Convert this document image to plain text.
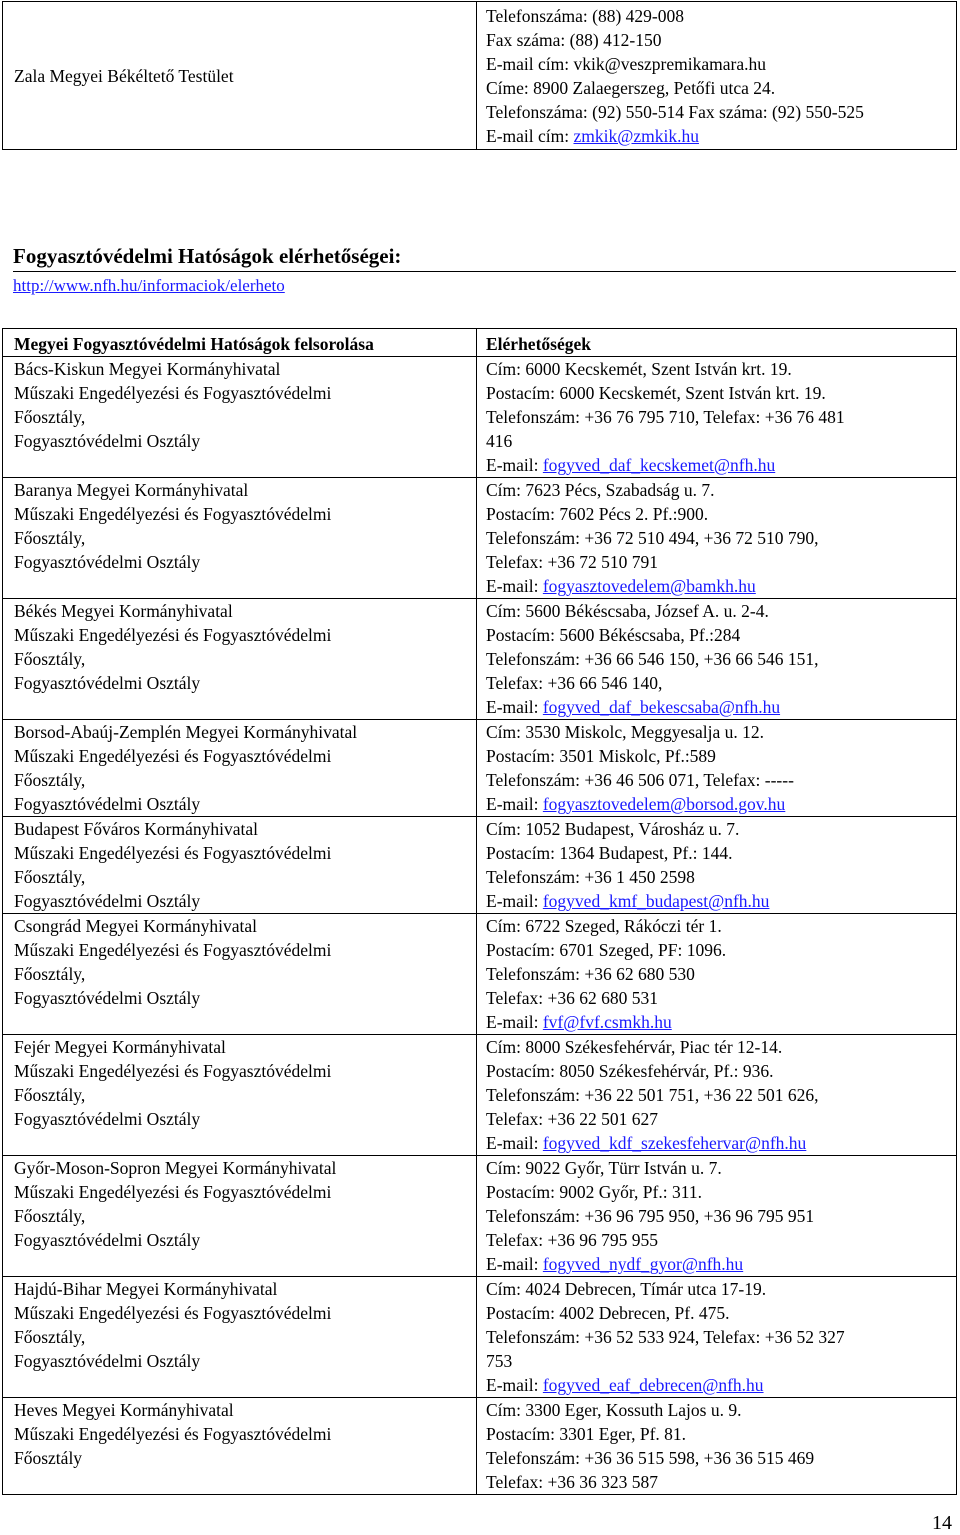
Zala Megyei Békéltető Testület	
Telefonszáma: (88) 429-008
Fax száma: (88) 412-150
E-mail cím: vkik@veszpremikamara.hu
Címe: 8900 Zalaegerszeg, Petőfi utca 24.
Telefonszáma: (92) 550-514 Fax száma: (92) 550-525
E-mail cím: zmkik@zmkik.hu
Fogyasztóvédelmi Hatóságok elérhetőségei:
http://www.nfh.hu/informaciok/elerheto
Megyei Fogyasztóvédelmi Hatóságok felsorolása	Elérhetőségek

Bács-Kiskun Megyei Kormányhivatal
Műszaki Engedélyezési és Fogyasztóvédelmi
Főosztály,
Fogyasztóvédelmi Osztály	Cím: 6000 Kecskemét, Szent István krt. 19.
Postacím: 6000 Kecskemét, Szent István krt. 19.
Telefonszám: +36 76 795 710, Telefax: +36 76 481
416
E-mail: fogyved_daf_kecskemet@nfh.hu

Baranya Megyei Kormányhivatal
Műszaki Engedélyezési és Fogyasztóvédelmi
Főosztály,
Fogyasztóvédelmi Osztály	Cím: 7623 Pécs, Szabadság u. 7.
Postacím: 7602 Pécs 2. Pf.:900.
Telefonszám: +36 72 510 494, +36 72 510 790,
Telefax: +36 72 510 791
E-mail: fogyasztovedelem@bamkh.hu

Békés Megyei Kormányhivatal
Műszaki Engedélyezési és Fogyasztóvédelmi
Főosztály,
Fogyasztóvédelmi Osztály	Cím: 5600 Békéscsaba, József A. u. 2-4.
Postacím: 5600 Békéscsaba, Pf.:284
Telefonszám: +36 66 546 150, +36 66 546 151,
Telefax: +36 66 546 140,
E-mail: fogyved_daf_bekescsaba@nfh.hu

Borsod-Abaúj-Zemplén Megyei Kormányhivatal
Műszaki Engedélyezési és Fogyasztóvédelmi
Főosztály,
Fogyasztóvédelmi Osztály	Cím: 3530 Miskolc, Meggyesalja u. 12.
Postacím: 3501 Miskolc, Pf.:589
Telefonszám: +36 46 506 071, Telefax: -----
E-mail: fogyasztovedelem@borsod.gov.hu

Budapest Főváros Kormányhivatal
Műszaki Engedélyezési és Fogyasztóvédelmi
Főosztály,
Fogyasztóvédelmi Osztály	Cím: 1052 Budapest, Városház u. 7.
Postacím: 1364 Budapest, Pf.: 144.
Telefonszám: +36 1 450 2598
E-mail: fogyved_kmf_budapest@nfh.hu

Csongrád Megyei Kormányhivatal
Műszaki Engedélyezési és Fogyasztóvédelmi
Főosztály,
Fogyasztóvédelmi Osztály	Cím: 6722 Szeged, Rákóczi tér 1.
Postacím: 6701 Szeged, PF: 1096.
Telefonszám: +36 62 680 530
Telefax: +36 62 680 531
E-mail: fvf@fvf.csmkh.hu

Fejér Megyei Kormányhivatal
Műszaki Engedélyezési és Fogyasztóvédelmi
Főosztály,
Fogyasztóvédelmi Osztály	Cím: 8000 Székesfehérvár, Piac tér 12-14.
Postacím: 8050 Székesfehérvár, Pf.: 936.
Telefonszám: +36 22 501 751, +36 22 501 626,
Telefax: +36 22 501 627
E-mail: fogyved_kdf_szekesfehervar@nfh.hu

Győr-Moson-Sopron Megyei Kormányhivatal
Műszaki Engedélyezési és Fogyasztóvédelmi
Főosztály,
Fogyasztóvédelmi Osztály	Cím: 9022 Győr, Türr István u. 7.
Postacím: 9002 Győr, Pf.: 311.
Telefonszám: +36 96 795 950, +36 96 795 951
Telefax: +36 96 795 955
E-mail: fogyved_nydf_gyor@nfh.hu

Hajdú-Bihar Megyei Kormányhivatal
Műszaki Engedélyezési és Fogyasztóvédelmi
Főosztály,
Fogyasztóvédelmi Osztály	Cím: 4024 Debrecen, Tímár utca 17-19.
Postacím: 4002 Debrecen, Pf. 475.
Telefonszám: +36 52 533 924, Telefax: +36 52 327
753
E-mail: fogyved_eaf_debrecen@nfh.hu

Heves Megyei Kormányhivatal
Műszaki Engedélyezési és Fogyasztóvédelmi
Főosztály	Cím: 3300 Eger, Kossuth Lajos u. 9.
Postacím: 3301 Eger, Pf. 81.
Telefonszám: +36 36 515 598, +36 36 515 469
Telefax: +36 36 323 587
14
